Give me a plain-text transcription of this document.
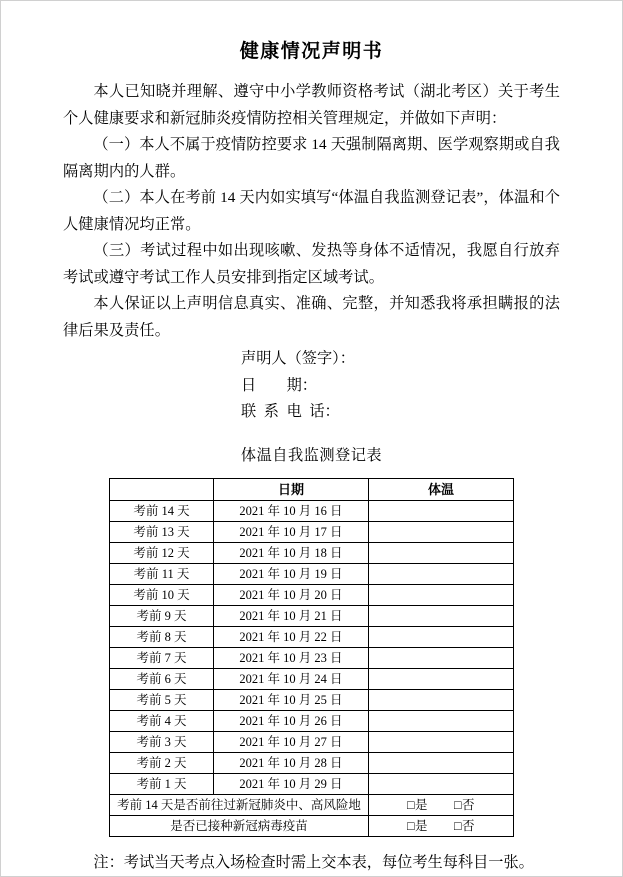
健康情况声明书

本人已知晓并理解、遵守中小学教师资格考试（湖北考区）关于考生个人健康要求和新冠肺炎疫情防控相关管理规定，并做如下声明：

（一）本人不属于疫情防控要求 14 天强制隔离期、医学观察期或自我隔离期内的人群。

（二）本人在考前 14 天内如实填写“体温自我监测登记表”，体温和个人健康情况均正常。

（三）考试过程中如出现咳嗽、发热等身体不适情况，我愿自行放弃考试或遵守考试工作人员安排到指定区域考试。

本人保证以上声明信息真实、准确、完整，并知悉我将承担瞒报的法律后果及责任。

声明人（签字）：
日        期：
联  系  电  话：
体温自我监测登记表
	日期	体温
考前 14 天	2021 年 10 月 16 日	
考前 13 天	2021 年 10 月 17 日	
考前 12 天	2021 年 10 月 18 日	
考前 11 天	2021 年 10 月 19 日	
考前 10 天	2021 年 10 月 20 日	
考前 9 天	2021 年 10 月 21 日	
考前 8 天	2021 年 10 月 22 日	
考前 7 天	2021 年 10 月 23 日	
考前 6 天	2021 年 10 月 24 日	
考前 5 天	2021 年 10 月 25 日	
考前 4 天	2021 年 10 月 26 日	
考前 3 天	2021 年 10 月 27 日	
考前 2 天	2021 年 10 月 28 日	
考前 1 天	2021 年 10 月 29 日	
考前 14 天是否前往过新冠肺炎中、高风险地		□是 □否
是否已接种新冠病毒疫苗		□是 □否
注：考试当天考点入场检查时需上交本表，每位考生每科目一张。
